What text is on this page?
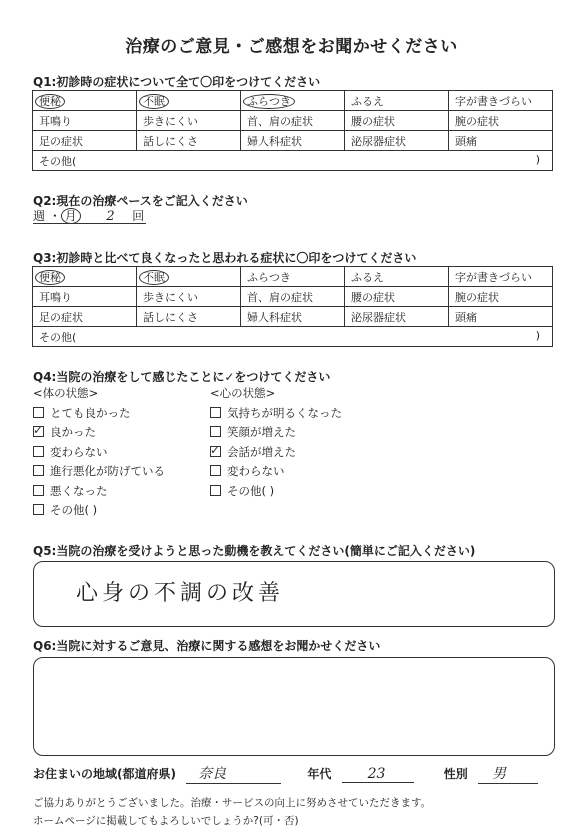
治療のご意見・ご感想をお聞かせください
Q1:初診時の症状について全て〇印をつけてください
便秘	不眠	ふらつき	ふるえ	字が書きづらい
耳鳴り	歩きにくい	首、肩の症状	腰の症状	腕の症状
足の症状	話しにくさ	婦人科症状	泌尿器症状	頭痛
その他( )				
Q2:現在の治療ペースをご記入ください
週 ・ 月 2 回
Q3:初診時と比べて良くなったと思われる症状に〇印をつけてください
便秘	不眠	ふらつき	ふるえ	字が書きづらい
耳鳴り	歩きにくい	首、肩の症状	腰の症状	腕の症状
足の症状	話しにくさ	婦人科症状	泌尿器症状	頭痛
その他( )				
Q4:当院の治療をして感じたことに✓をつけてください
<体の状態>
とても良かった
✓良かった
変わらない
進行悪化が防げている
悪くなった
その他( )
<心の状態>
気持ちが明るくなった
笑顔が増えた
✓会話が増えた
変わらない
その他( )
Q5:当院の治療を受けようと思った動機を教えてください(簡単にご記入ください)
心身の不調の改善
Q6:当院に対するご意見、治療に関する感想をお聞かせください
お住まいの地域(都道府県) 奈良	年代	23	性別 男
ご協力ありがとうございました。治療・サービスの向上に努めさせていただきます。
ホームページに掲載してもよろしいでしょうか?(可・否)
